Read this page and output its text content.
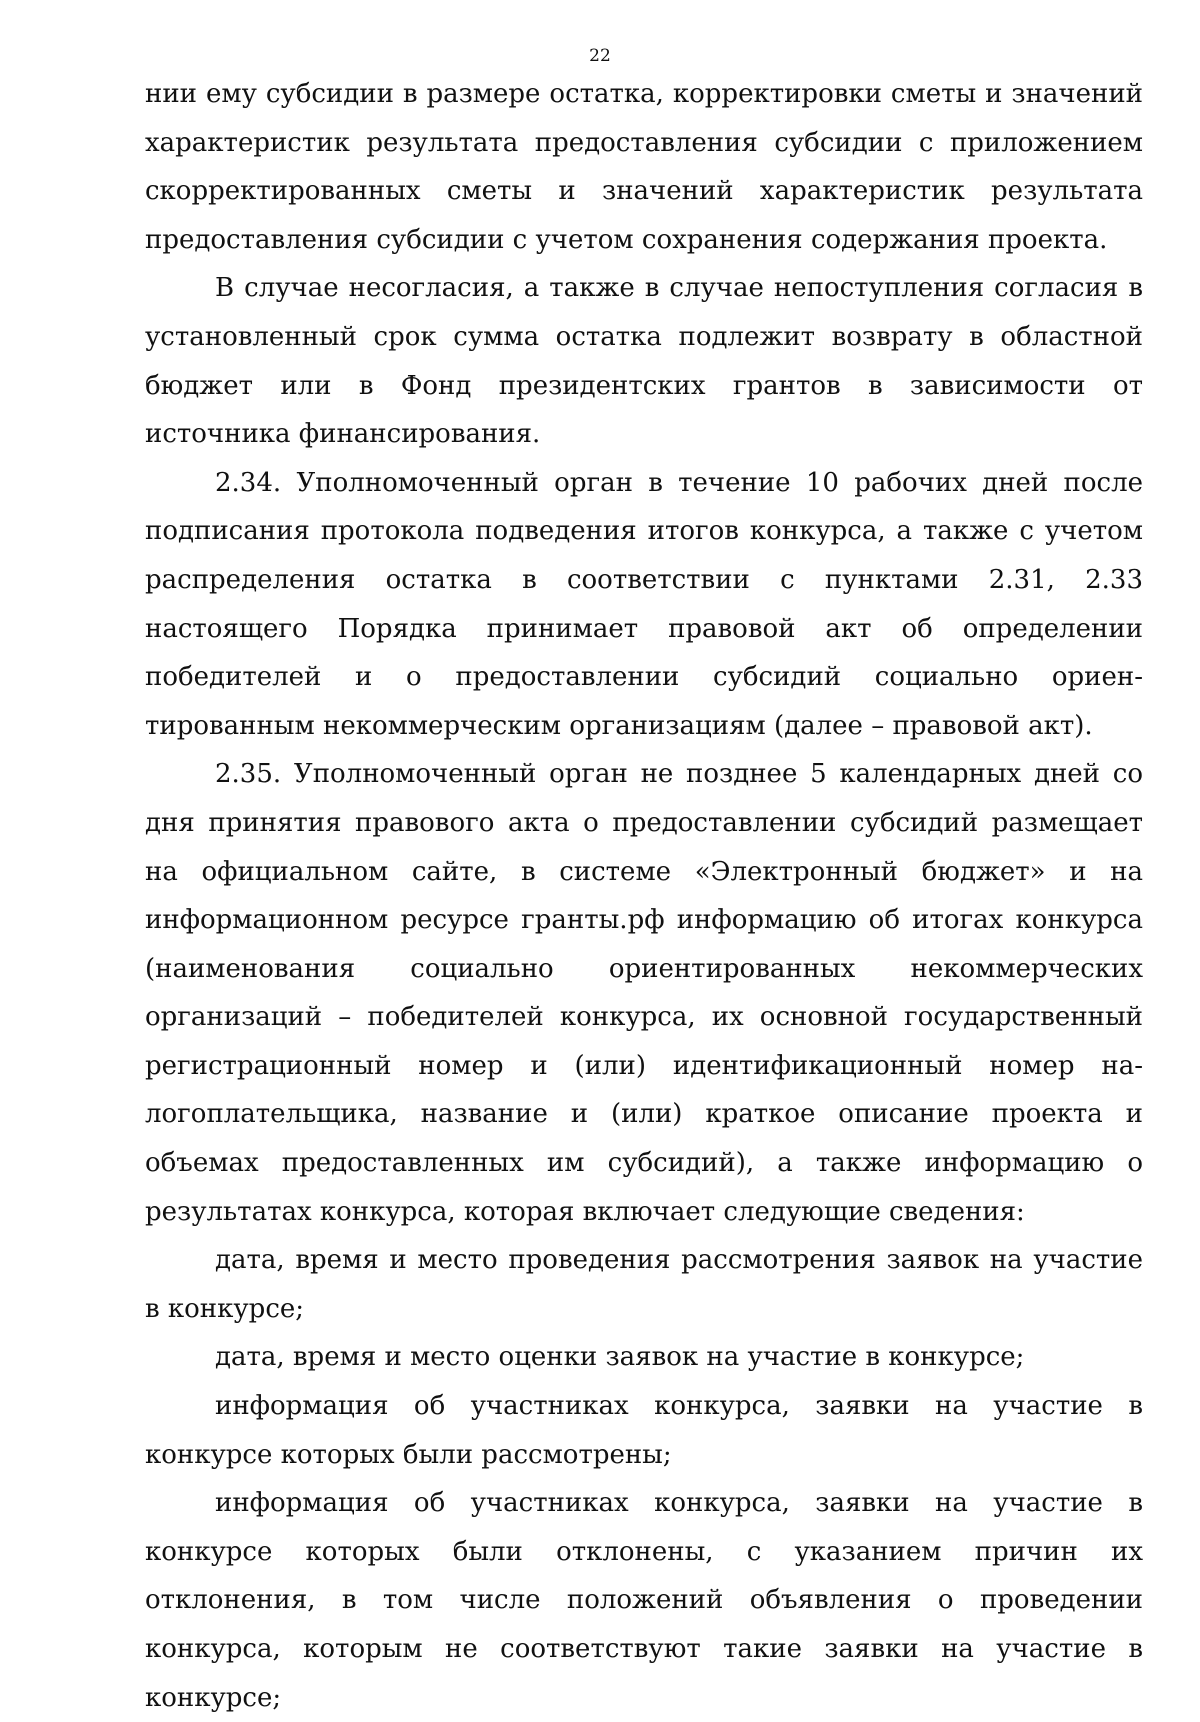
22

нии ему субсидии в размере остатка, корректировки сметы и значений характеристик результата предоставления субсидии с приложением скорректированных сметы и значений характеристик результата предоставления субсидии с учетом сохранения содержания проекта.

В случае несогласия, а также в случае непоступления согласия в установленный срок сумма остатка подлежит возврату в областной бюджет или в Фонд президентских грантов в зависимости от источника финансирования.

2.34. Уполномоченный орган в течение 10 рабочих дней после подписания протокола подведения итогов конкурса, а также с учетом распределения остатка в соответствии с пунктами 2.31, 2.33 настоящего Порядка принимает правовой акт об определении победителей и о предоставлении субсидий социально ориентированным некоммерческим организациям (далее – правовой акт).

2.35. Уполномоченный орган не позднее 5 календарных дней со дня принятия правового акта о предоставлении субсидий размещает на официальном сайте, в системе «Электронный бюджет» и на информационном ресурсе гранты.рф информацию об итогах конкурса (наименования социально ориентированных некоммерческих организаций – победителей конкурса, их основной государственный регистрационный номер и (или) идентификационный номер налогоплательщика, название и (или) краткое описание проекта и объемах предоставленных им субсидий), а также информацию о результатах конкурса, которая включает следующие сведения:

дата, время и место проведения рассмотрения заявок на участие в конкурсе;

дата, время и место оценки заявок на участие в конкурсе;

информация об участниках конкурса, заявки на участие в конкурсе которых были рассмотрены;

информация об участниках конкурса, заявки на участие в конкурсе которых были отклонены, с указанием причин их отклонения, в том числе положений объявления о проведении конкурса, которым не соответствуют такие заявки на участие в конкурсе;
